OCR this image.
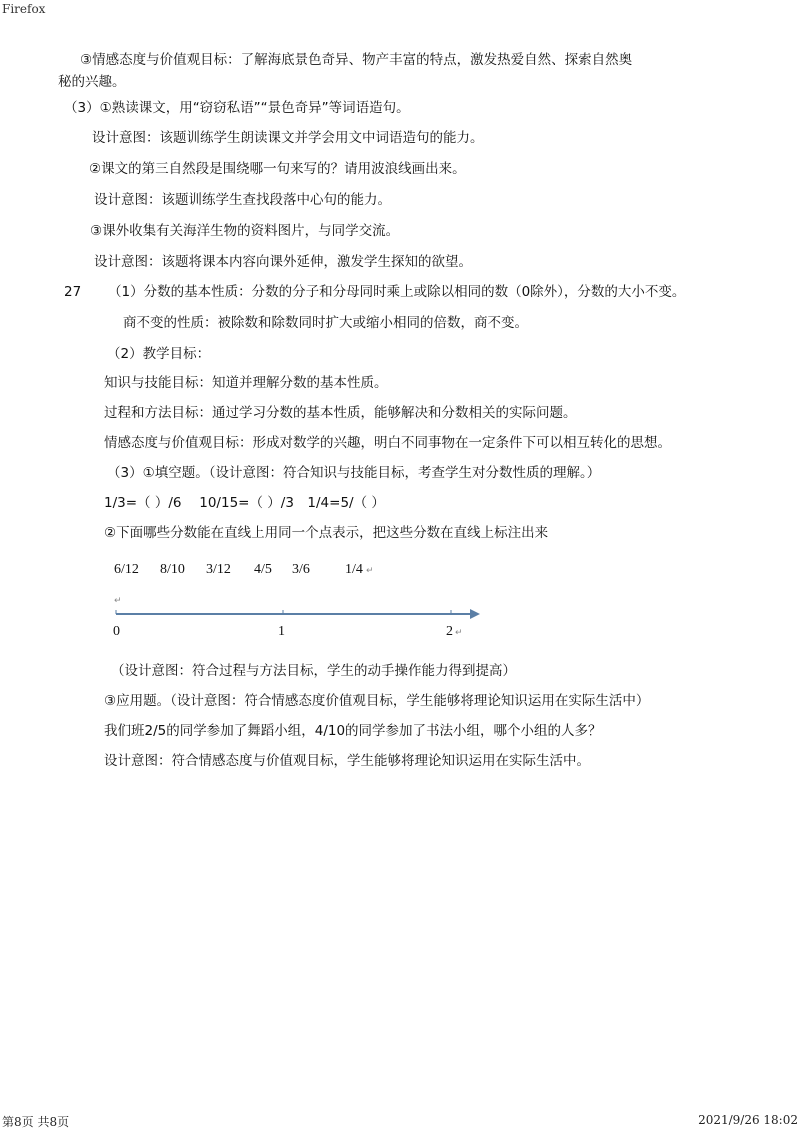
Firefox
③情感态度与价值观目标：了解海底景色奇异、物产丰富的特点，激发热爱自然、探索自然奥
秘的兴趣。
（3）①熟读课文，用“窃窃私语”“景色奇异”等词语造句。
设计意图：该题训练学生朗读课文并学会用文中词语造句的能力。
②课文的第三自然段是围绕哪一句来写的？请用波浪线画出来。
设计意图：该题训练学生查找段落中心句的能力。
③课外收集有关海洋生物的资料图片，与同学交流。
设计意图：该题将课本内容向课外延伸，激发学生探知的欲望。
27 （1）分数的基本性质：分数的分子和分母同时乘上或除以相同的数（0除外），分数的大小不变。
商不变的性质：被除数和除数同时扩大或缩小相同的倍数，商不变。
（2）教学目标：
知识与技能目标：知道并理解分数的基本性质。
过程和方法目标：通过学习分数的基本性质，能够解决和分数相关的实际问题。
情感态度与价值观目标：形成对数学的兴趣，明白不同事物在一定条件下可以相互转化的思想。
（3）①填空题。（设计意图：符合知识与技能目标，考查学生对分数性质的理解。）
1/3=（ ）/6　 10/15=（ ）/3　1/4=5/（ ）
②下面哪些分数能在直线上用同一个点表示，把这些分数在直线上标注出来
6/12 8/10 3/12 4/5 3/6	1/4 ↵
↵
0	1	2 ↵
（设计意图：符合过程与方法目标，学生的动手操作能力得到提高）
③应用题。（设计意图：符合情感态度价值观目标，学生能够将理论知识运用在实际生活中）
我们班2/5的同学参加了舞蹈小组，4/10的同学参加了书法小组，哪个小组的人多？
设计意图：符合情感态度与价值观目标，学生能够将理论知识运用在实际生活中。
第8页 共8页	2021/9/26 18:02
